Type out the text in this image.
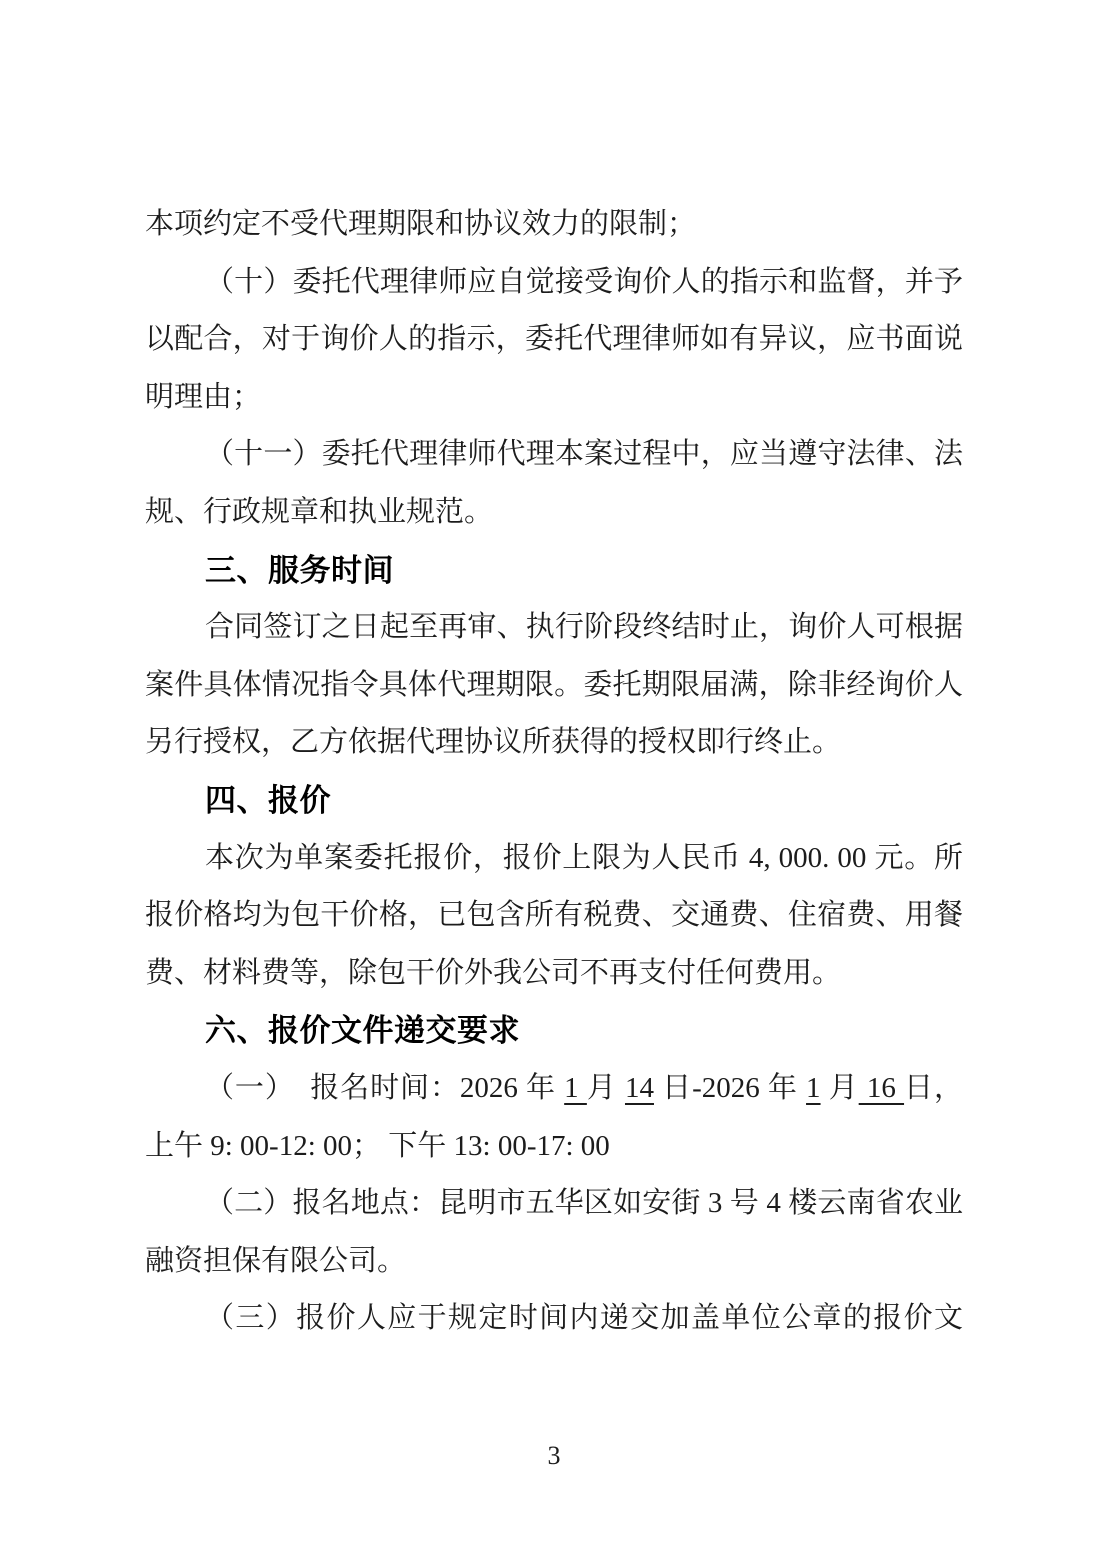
本项约定不受代理期限和协议效力的限制；
（十）委托代理律师应自觉接受询价人的指示和监督，并予
以配合，对于询价人的指示，委托代理律师如有异议，应书面说
明理由；
（十一）委托代理律师代理本案过程中，应当遵守法律、法
规、行政规章和执业规范。
三、服务时间
合同签订之日起至再审、执行阶段终结时止，询价人可根据
案件具体情况指令具体代理期限。委托期限届满，除非经询价人
另行授权，乙方依据代理协议所获得的授权即行终止。
四、报价
本次为单案委托报价，报价上限为人民币 4, 000. 00 元。所
报价格均为包干价格，已包含所有税费、交通费、住宿费、用餐
费、材料费等，除包干价外我公司不再支付任何费用。
六、报价文件递交要求
（一）　报名时间：2026 年 1 月 14 日-2026 年 1 月 16 日，
上午 9: 00-12: 00； 下午 13: 00-17: 00
（二）报名地点：昆明市五华区如安街 3 号 4 楼云南省农业
融资担保有限公司。
（三）报价人应于规定时间内递交加盖单位公章的报价文
3
